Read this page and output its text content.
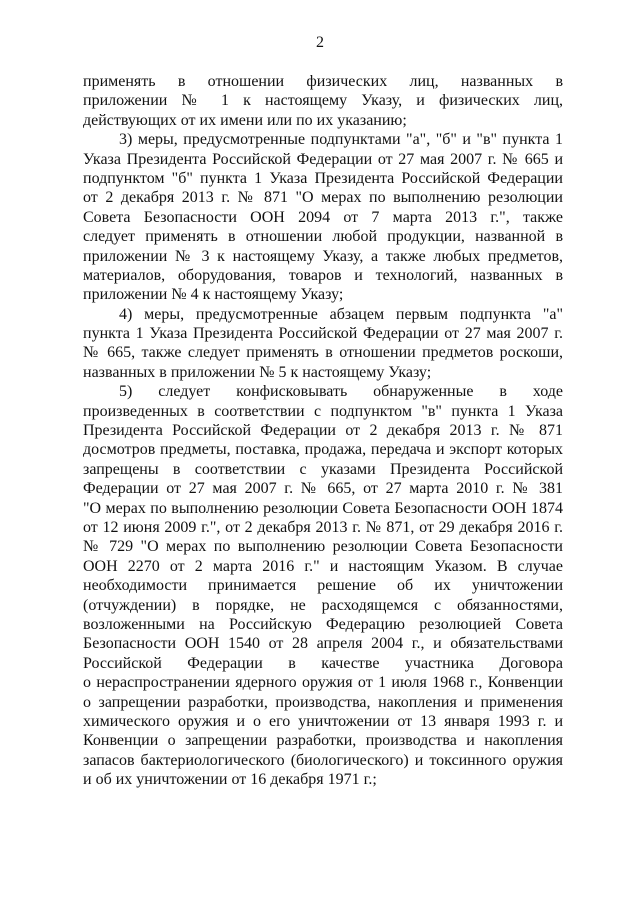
2
применять в отношении физических лиц, названных в
приложении № 1 к настоящему Указу, и физических лиц,
действующих от их имени или по их указанию;
3) меры, предусмотренные подпунктами "а", "б" и "в" пункта 1
Указа Президента Российской Федерации от 27 мая 2007 г. № 665 и
подпунктом "б" пункта 1 Указа Президента Российской Федерации
от 2 декабря 2013 г. № 871 "О мерах по выполнению резолюции
Совета Безопасности ООН 2094 от 7 марта 2013 г.", также
следует применять в отношении любой продукции, названной в
приложении № 3 к настоящему Указу, а также любых предметов,
материалов, оборудования, товаров и технологий, названных в
приложении № 4 к настоящему Указу;
4) меры, предусмотренные абзацем первым подпункта "а"
пункта 1 Указа Президента Российской Федерации от 27 мая 2007 г.
№ 665, также следует применять в отношении предметов роскоши,
названных в приложении № 5 к настоящему Указу;
5) следует конфисковывать обнаруженные в ходе
произведенных в соответствии с подпунктом "в" пункта 1 Указа
Президента Российской Федерации от 2 декабря 2013 г. № 871
досмотров предметы, поставка, продажа, передача и экспорт которых
запрещены в соответствии с указами Президента Российской
Федерации от 27 мая 2007 г. № 665, от 27 марта 2010 г. № 381
"О мерах по выполнению резолюции Совета Безопасности ООН 1874
от 12 июня 2009 г.", от 2 декабря 2013 г. № 871, от 29 декабря 2016 г.
№ 729 "О мерах по выполнению резолюции Совета Безопасности
ООН 2270 от 2 марта 2016 г." и настоящим Указом. В случае
необходимости принимается решение об их уничтожении
(отчуждении) в порядке, не расходящемся с обязанностями,
возложенными на Российскую Федерацию резолюцией Совета
Безопасности ООН 1540 от 28 апреля 2004 г., и обязательствами
Российской Федерации в качестве участника Договора
о нераспространении ядерного оружия от 1 июля 1968 г., Конвенции
о запрещении разработки, производства, накопления и применения
химического оружия и о его уничтожении от 13 января 1993 г. и
Конвенции о запрещении разработки, производства и накопления
запасов бактериологического (биологического) и токсинного оружия
и об их уничтожении от 16 декабря 1971 г.;
